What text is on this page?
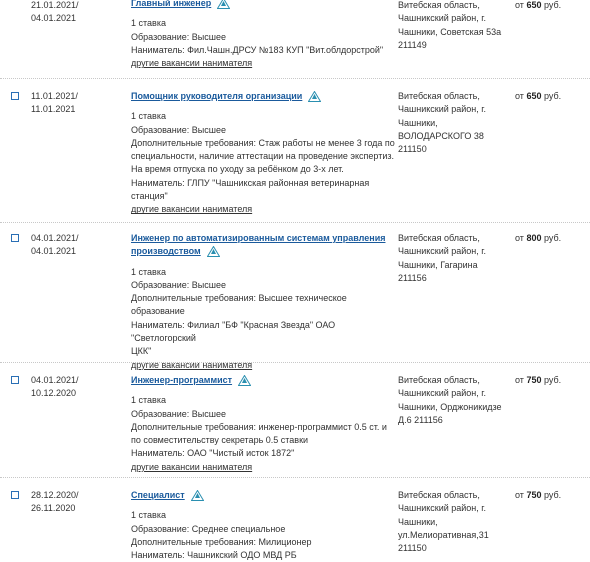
21.01.2021/
04.01.2021
Главный инженер
1 ставка
Образование: Высшее
Наниматель: Фил.Чашн.ДРСУ №183 КУП "Вит.облдорстрой"
другие вакансии нанимателя
Витебская область,
Чашникский район, г.
Чашники, Советская 53а
211149
от 650 руб.
11.01.2021/
11.01.2021
Помощник руководителя организации
1 ставка
Образование: Высшее
Дополнительные требования: Стаж работы не менее 3 года по
специальности, наличие аттестации на проведение экспертиз.
На время отпуска по уходу за ребёнком до 3-х лет.
Наниматель: ГЛПУ "Чашникская районная ветеринарная
станция"
другие вакансии нанимателя
Витебская область,
Чашникский район, г.
Чашники,
ВОЛОДАРСКОГО 38
211150
от 650 руб.
04.01.2021/
04.01.2021
Инженер по автоматизированным системам управления
производством
1 ставка
Образование: Высшее
Дополнительные требования: Высшее техническое
образование
Наниматель: Филиал "БФ "Красная Звезда" ОАО "Светлогорский
ЦКК"
другие вакансии нанимателя
Витебская область,
Чашникский район, г.
Чашники, Гагарина
211156
от 800 руб.
04.01.2021/
10.12.2020
Инженер-программист
1 ставка
Образование: Высшее
Дополнительные требования: инженер-программист 0.5 ст. и
по совместительству секретарь 0.5 ставки
Наниматель: ОАО "Чистый исток 1872"
другие вакансии нанимателя
Витебская область,
Чашникский район, г.
Чашники, Орджоникидзе
Д.6 211156
от 750 руб.
28.12.2020/
26.11.2020
Специалист
1 ставка
Образование: Среднее специальное
Дополнительные требования: Милиционер
Наниматель: Чашникский ОДО МВД РБ
Витебская область,
Чашникский район, г.
Чашники,
ул.Мелиоративная,31
211150
от 750 руб.
